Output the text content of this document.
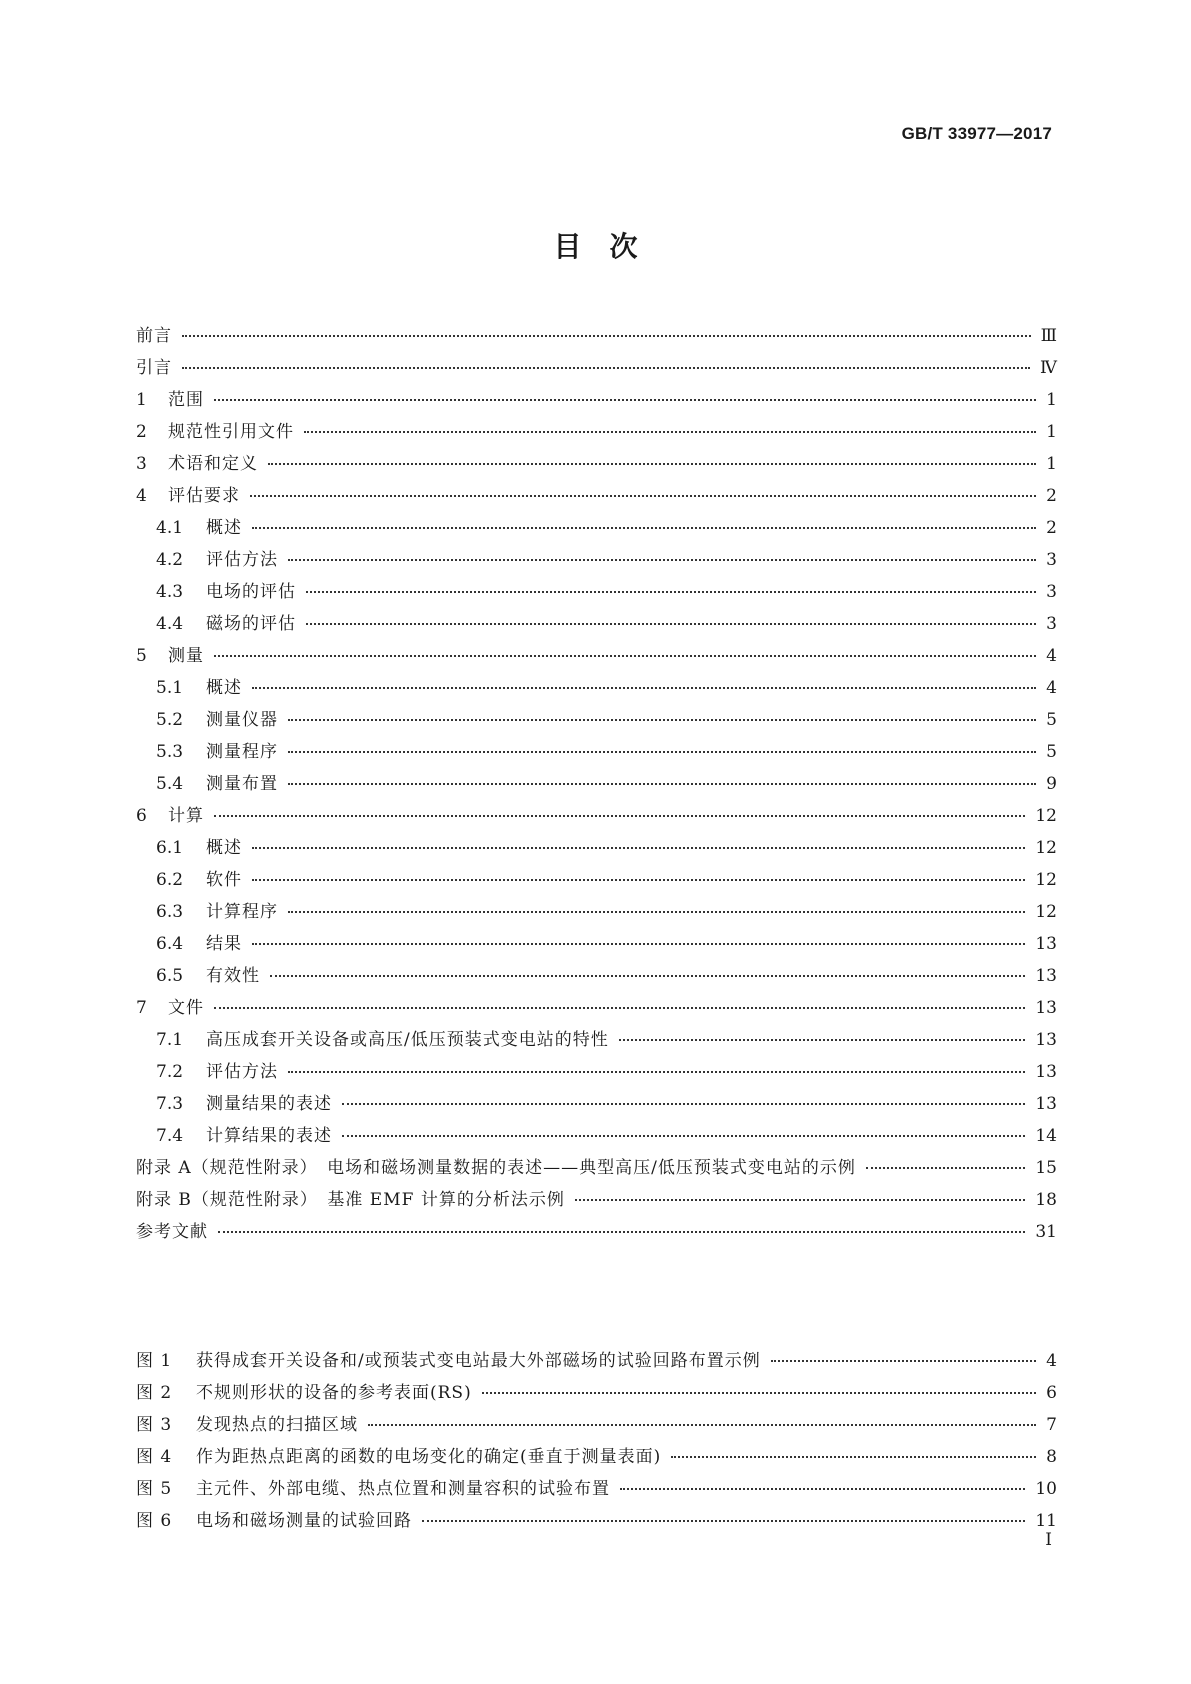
GB/T 33977—2017
目　次
前言	Ⅲ
引言	Ⅳ
1	范围	1
2	规范性引用文件	1
3	术语和定义	1
4	评估要求	2
4.1	概述	2
4.2	评估方法	3
4.3	电场的评估	3
4.4	磁场的评估	3
5	测量	4
5.1	概述	4
5.2	测量仪器	5
5.3	测量程序	5
5.4	测量布置	9
6	计算	12
6.1	概述	12
6.2	软件	12
6.3	计算程序	12
6.4	结果	13
6.5	有效性	13
7	文件	13
7.1	高压成套开关设备或高压/低压预装式变电站的特性	13
7.2	评估方法	13
7.3	测量结果的表述	13
7.4	计算结果的表述	14
附录 A（规范性附录）　电场和磁场测量数据的表述——典型高压/低压预装式变电站的示例	15
附录 B（规范性附录）　基准 EMF 计算的分析法示例	18
参考文献	31
图 1	获得成套开关设备和/或预装式变电站最大外部磁场的试验回路布置示例	4
图 2	不规则形状的设备的参考表面(RS)	6
图 3	发现热点的扫描区域	7
图 4	作为距热点距离的函数的电场变化的确定(垂直于测量表面)	8
图 5	主元件、外部电缆、热点位置和测量容积的试验布置	10
图 6	电场和磁场测量的试验回路	11
I
